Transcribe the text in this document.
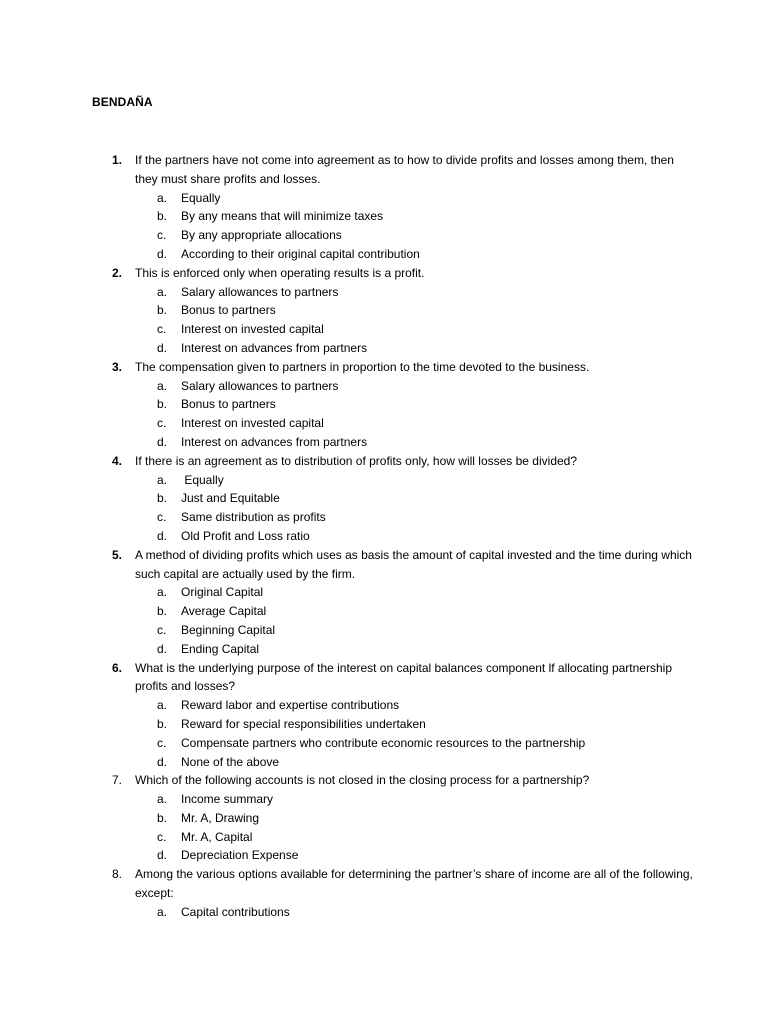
BENDAÑA
1. If the partners have not come into agreement as to how to divide profits and losses among them, then they must share profits and losses.
a. Equally
b. By any means that will minimize taxes
c. By any appropriate allocations
d. According to their original capital contribution
2. This is enforced only when operating results is a profit.
a. Salary allowances to partners
b. Bonus to partners
c. Interest on invested capital
d. Interest on advances from partners
3. The compensation given to partners in proportion to the time devoted to the business.
a. Salary allowances to partners
b. Bonus to partners
c. Interest on invested capital
d. Interest on advances from partners
4. If there is an agreement as to distribution of profits only, how will losses be divided?
a. Equally
b. Just and Equitable
c. Same distribution as profits
d. Old Profit and Loss ratio
5. A method of dividing profits which uses as basis the amount of capital invested and the time during which such capital are actually used by the firm.
a. Original Capital
b. Average Capital
c. Beginning Capital
d. Ending Capital
6. What is the underlying purpose of the interest on capital balances component lf allocating partnership profits and losses?
a. Reward labor and expertise contributions
b. Reward for special responsibilities undertaken
c. Compensate partners who contribute economic resources to the partnership
d. None of the above
7. Which of the following accounts is not closed in the closing process for a partnership?
a. Income summary
b. Mr. A, Drawing
c. Mr. A, Capital
d. Depreciation Expense
8. Among the various options available for determining the partner’s share of income are all of the following, except:
a. Capital contributions
